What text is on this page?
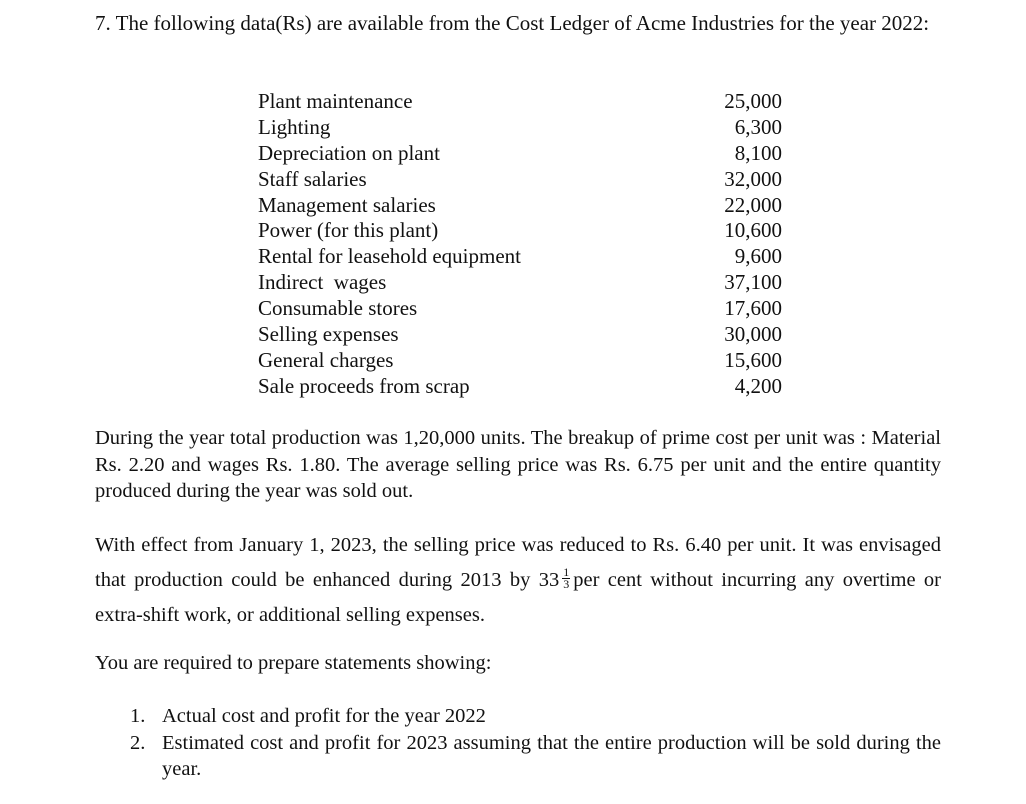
7. The following data(Rs) are available from the Cost Ledger of Acme Industries for the year 2022:
Plant maintenance	25,000
Lighting	6,300
Depreciation on plant	8,100
Staff salaries	32,000
Management salaries	22,000
Power (for this plant)	10,600
Rental for leasehold equipment	9,600
Indirect  wages	37,100
Consumable stores	17,600
Selling expenses	30,000
General charges	15,600
Sale proceeds from scrap	4,200

During the year total production was 1,20,000 units. The breakup of prime cost per unit was : Material Rs. 2.20 and wages Rs. 1.80. The average selling price was Rs. 6.75 per unit and the entire quantity produced during the year was sold out.

With effect from January 1, 2023, the selling price was reduced to Rs. 6.40 per unit. It was envisaged that production could be enhanced during 2013 by $33 \frac{1}{3}$ per cent without incurring any overtime or extra-shift work, or additional selling expenses.

You are required to prepare statements showing:

1. Actual cost and profit for the year 2022
2. Estimated cost and profit for 2023 assuming that the entire production will be sold during the year.
